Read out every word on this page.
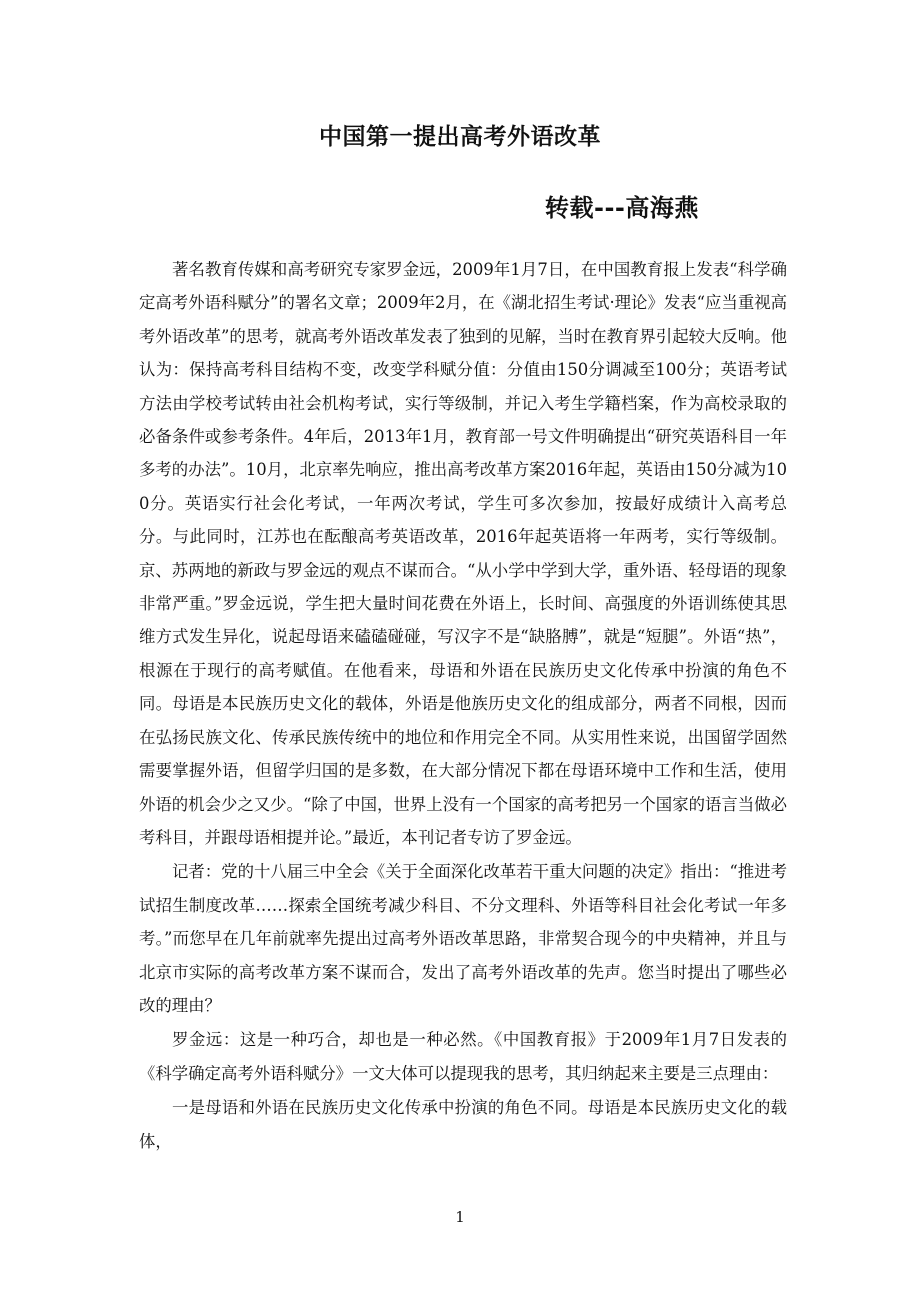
中国第一提出高考外语改革
转载---高海燕

著名教育传媒和高考研究专家罗金远，2009年1月7日，在中国教育报上发表“科学确定高考外语科赋分”的署名文章；2009年2月，在《湖北招生考试·理论》发表“应当重视高考外语改革”的思考，就高考外语改革发表了独到的见解，当时在教育界引起较大反响。他认为：保持高考科目结构不变，改变学科赋分值：分值由150分调减至100分；英语考试方法由学校考试转由社会机构考试，实行等级制，并记入考生学籍档案，作为高校录取的必备条件或参考条件。4年后，2013年1月，教育部一号文件明确提出“研究英语科目一年多考的办法”。10月，北京率先响应，推出高考改革方案2016年起，英语由150分减为100分。英语实行社会化考试，一年两次考试，学生可多次参加，按最好成绩计入高考总分。与此同时，江苏也在酝酿高考英语改革，2016年起英语将一年两考，实行等级制。京、苏两地的新政与罗金远的观点不谋而合。“从小学中学到大学，重外语、轻母语的现象非常严重。”罗金远说，学生把大量时间花费在外语上，长时间、高强度的外语训练使其思维方式发生异化，说起母语来磕磕碰碰，写汉字不是“缺胳膊”，就是“短腿”。外语“热”，根源在于现行的高考赋值。在他看来，母语和外语在民族历史文化传承中扮演的角色不同。母语是本民族历史文化的载体，外语是他族历史文化的组成部分，两者不同根，因而在弘扬民族文化、传承民族传统中的地位和作用完全不同。从实用性来说，出国留学固然需要掌握外语，但留学归国的是多数，在大部分情况下都在母语环境中工作和生活，使用外语的机会少之又少。“除了中国，世界上没有一个国家的高考把另一个国家的语言当做必考科目，并跟母语相提并论。”最近，本刊记者专访了罗金远。

记者：党的十八届三中全会《关于全面深化改革若干重大问题的决定》指出：“推进考试招生制度改革……探索全国统考减少科目、不分文理科、外语等科目社会化考试一年多考。”而您早在几年前就率先提出过高考外语改革思路，非常契合现今的中央精神，并且与北京市实际的高考改革方案不谋而合，发出了高考外语改革的先声。您当时提出了哪些必改的理由？

罗金远：这是一种巧合，却也是一种必然。《中国教育报》于2009年1月7日发表的《科学确定高考外语科赋分》一文大体可以提现我的思考，其归纳起来主要是三点理由：

一是母语和外语在民族历史文化传承中扮演的角色不同。母语是本民族历史文化的载体，

1
